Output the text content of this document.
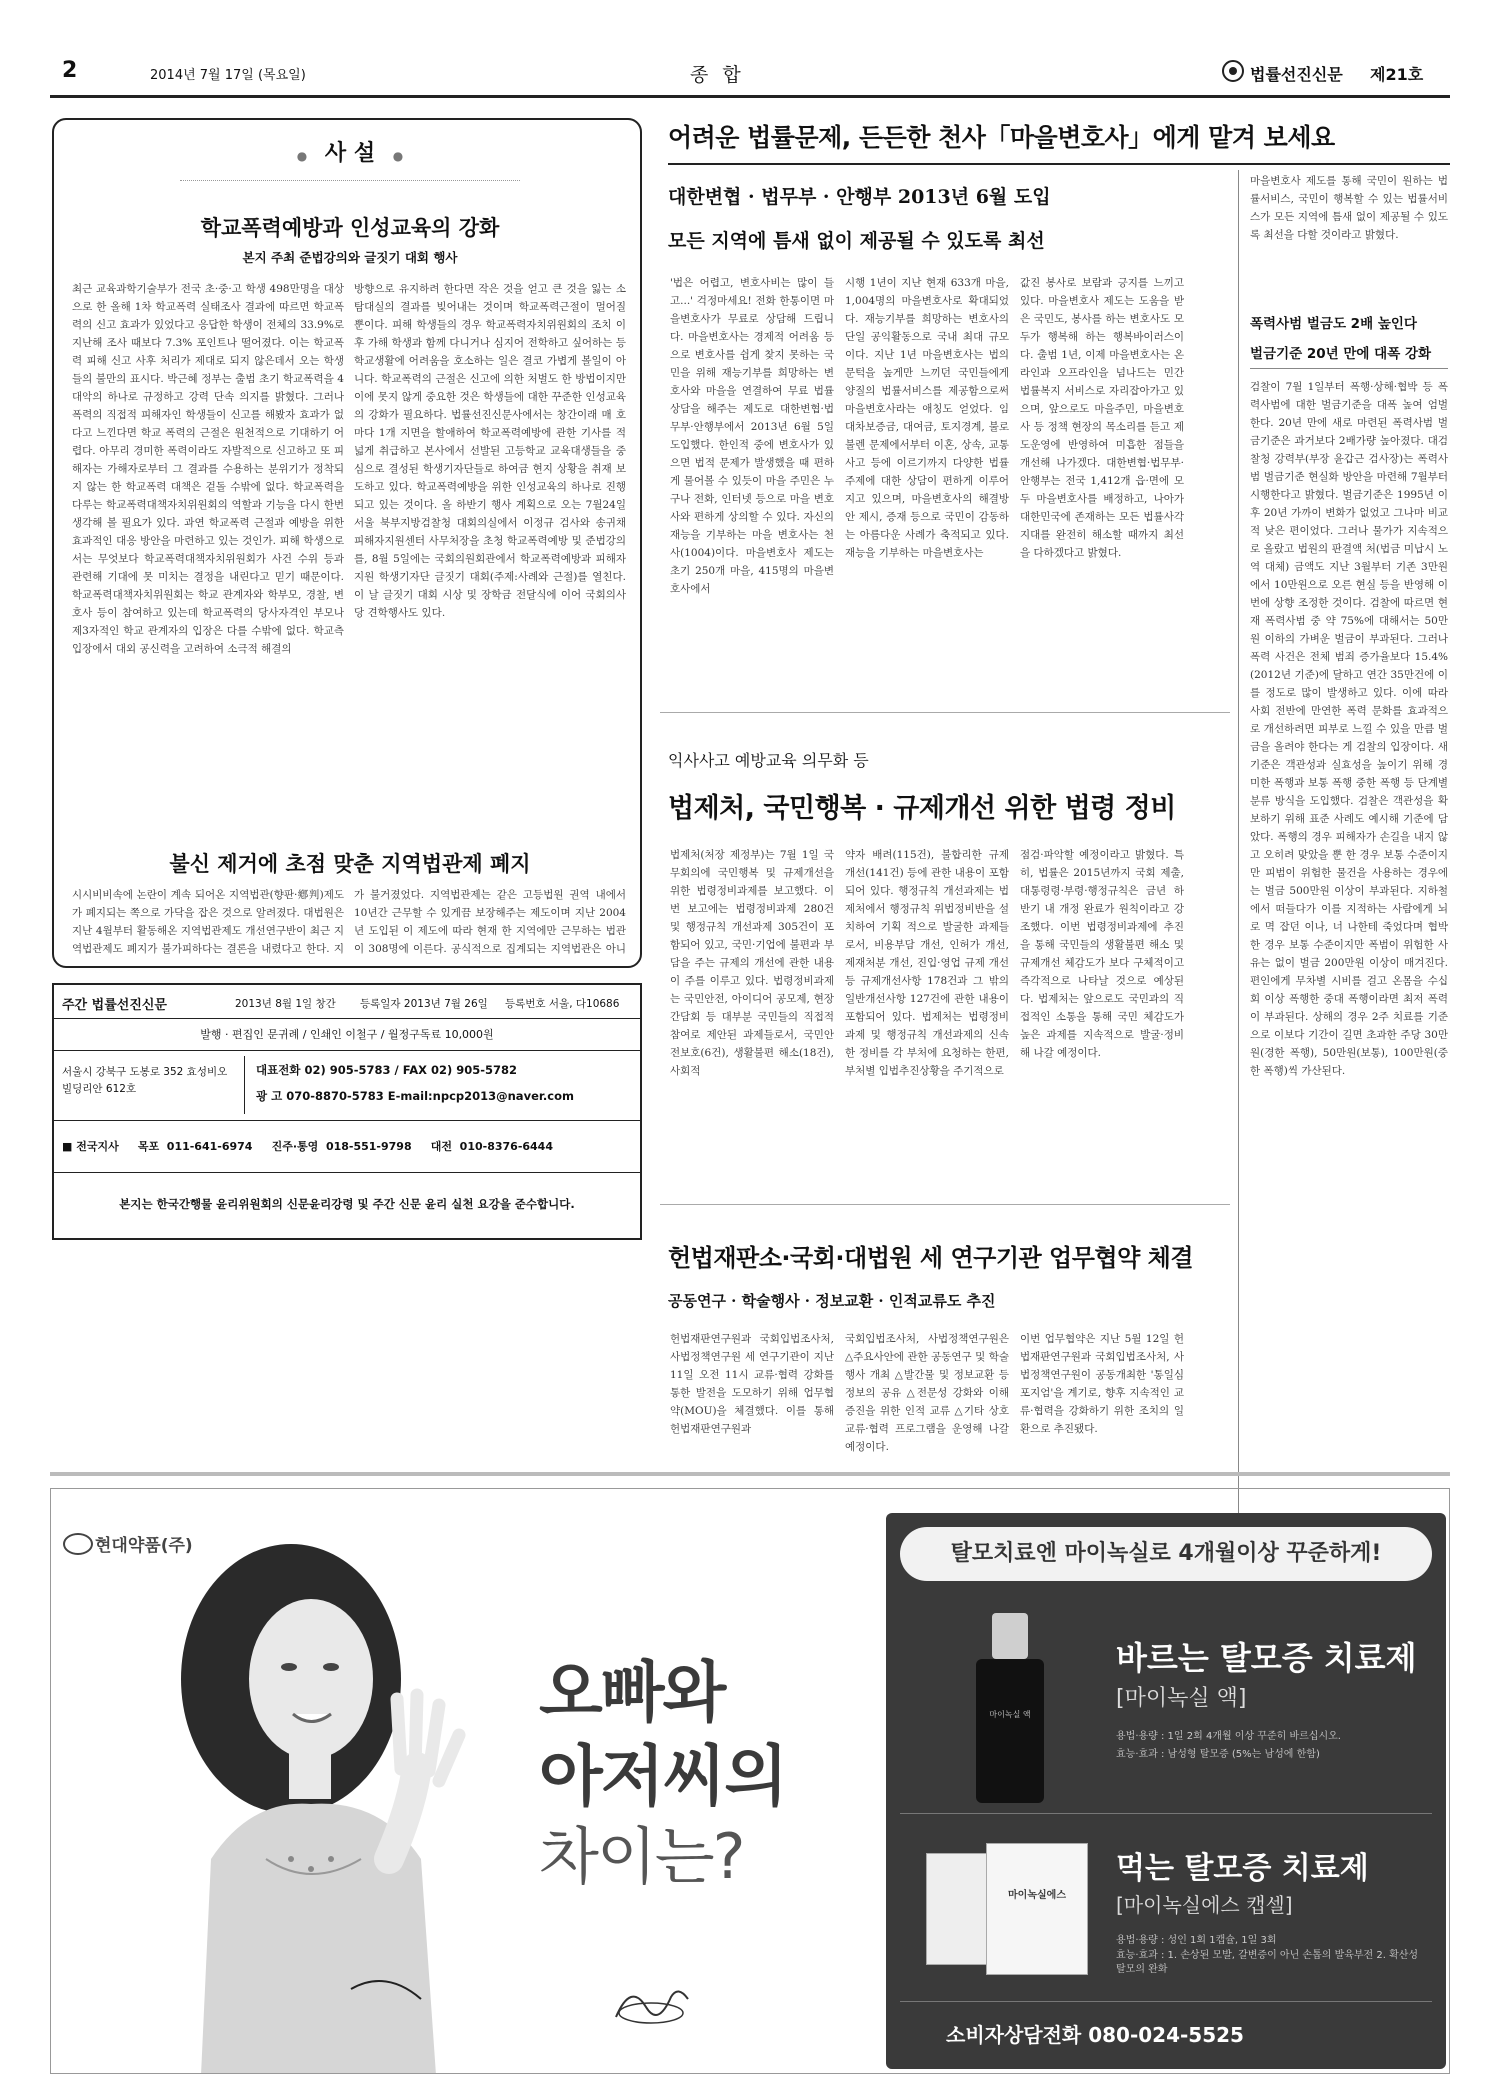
2	2014년 7월 17일 (목요일)	종 합	법률선진신문 제21호
● 사 설 ●
학교폭력예방과 인성교육의 강화
본지 주최 준법강의와 글짓기 대회 행사
최근 교육과학기술부가 전국 초·중·고 학생 498만명을 대상으로 한 올해 1차 학교폭력 실태조사 결과에 따르면 학교폭력의 신고 효과가 있었다고 응답한 학생이 전체의 33.9%로 지난해 조사 때보다 7.3% 포인트나 떨어졌다. 이는 학교폭력 피해 신고 사후 처리가 제대로 되지 않은데서 오는 학생들의 불만의 표시다. 박근혜 정부는 출범 초기 학교폭력을 4대악의 하나로 규정하고 강력 단속 의지를 밝혔다. 그러나 폭력의 직접적 피해자인 학생들이 신고를 해봤자 효과가 없다고 느낀다면 학교 폭력의 근절은 원천적으로 기대하기 어렵다. 아무리 경미한 폭력이라도 자발적으로 신고하고 또 피해자는 가해자로부터 그 결과를 수용하는 분위기가 정착되지 않는 한 학교폭력 대책은 겉돌 수밖에 없다. 학교폭력을 다루는 학교폭력대책자치위원회의 역할과 기능을 다시 한번 생각해 볼 필요가 있다. 과연 학교폭력 근절과 예방을 위한 효과적인 대응 방안을 마련하고 있는 것인가. 피해 학생으로서는 무엇보다 학교폭력대책자치위원회가 사건 수위 등과 관련해 기대에 못 미치는 결정을 내린다고 믿기 때문이다. 학교폭력대책자치위원회는 학교 관계자와 학부모, 경찰, 변호사 등이 참여하고 있는데 학교폭력의 당사자격인 부모나 제3자적인 학교 관계자의 입장은 다를 수밖에 없다. 학교측 입장에서 대외 공신력을 고려하여 소극적 해결의
방향으로 유지하려 한다면 작은 것을 얻고 큰 것을 잃는 소탐대실의 결과를 빚어내는 것이며 학교폭력근절이 멀어질 뿐이다. 피해 학생들의 경우 학교폭력자치위원회의 조치 이후 가해 학생과 함께 다니거나 심지어 전학하고 싶어하는 등 학교생활에 어려움을 호소하는 일은 결코 가볍게 볼일이 아니다. 학교폭력의 근절은 신고에 의한 처벌도 한 방법이지만 이에 못지 않게 중요한 것은 학생들에 대한 꾸준한 인성교육의 강화가 필요하다. 법률선진신문사에서는 창간이래 매 호마다 1개 지면을 할애하여 학교폭력예방에 관한 기사를 적 넓게 취급하고 본사에서 선발된 고등학교 교육대생들을 중심으로 결성된 학생기자단들로 하여금 현지 상황을 취재 보도하고 있다. 학교폭력예방을 위한 인성교육의 하나로 진행되고 있는 것이다. 올 하반기 행사 계획으로 오는 7월24일 서울 북부지방검찰청 대회의실에서 이정규 검사와 송귀채 피해자지원센터 사무처장을 초청 학교폭력예방 및 준법강의를, 8월 5일에는 국회의원회관에서 학교폭력예방과 피해자지원 학생기자단 글짓기 대회(주제:사례와 근절)를 열친다. 이 날 글짓기 대회 시상 및 장학금 전달식에 이어 국회의사당 견학행사도 있다.
불신 제거에 초점 맞춘 지역법관제 폐지
시시비비속에 논란이 계속 되어온 지역법관(향판·鄕判)제도가 폐지되는 쪽으로 가닥을 잡은 것으로 알려졌다. 대법원은 지난 4월부터 활동해온 지역법관제도 개선연구반이 최근 지역법관제도 폐지가 불가피하다는 결론을 내렸다고 한다. 지
가 불거졌었다. 지역법관제는 같은 고등법원 권역 내에서 10년간 근무할 수 있게끔 보장해주는 제도이며 지난 2004년 도입된 이 제도에 따라 현재 한 지역에만 근무하는 법관이 308명에 이른다. 공식적으로 집계되는 지역법관은 아니
주간 법률선진신문	2013년 8월 1일 창간 등록일자 2013년 7월 26일 등록번호 서울, 다10686
발행 · 편집인 문귀례 / 인쇄인 이철구 / 월정구독료 10,000원
서울시 강북구 도봉로 352 효성비오빌딩리안 612호
대표전화 02) 905-5783 / FAX 02) 905-5782
광 고 070-8870-5783 E-mail:npcp2013@naver.com
■ 전국지사     목포  011-641-6974     진주·통영  018-551-9798     대전  010-8376-6444
본지는 한국간행물 윤리위원회의 신문윤리강령 및 주간 신문 윤리 실천 요강을 준수합니다.
어려운 법률문제, 든든한 천사「마을변호사」에게 맡겨 보세요
대한변협 · 법무부 · 안행부 2013년 6월 도입
모든 지역에 틈새 없이 제공될 수 있도록 최선
'법은 어렵고, 변호사비는 많이 들고...' 걱정마세요! 전화 한통이면 마을변호사가 무료로 상담해 드립니다. 마을변호사는 경제적 어려움 등으로 변호사를 쉽게 찾지 못하는 국민을 위해 재능기부를 희망하는 변호사와 마을을 연결하여 무료 법률상담을 해주는 제도로 대한변협·법무부·안행부에서 2013년 6월 5일 도입했다. 한인적 중에 변호사가 있으면 법적 문제가 발생했을 때 편하게 물어볼 수 있듯이 마을 주민은 누구나 전화, 인터넷 등으로 마을 변호사와 편하게 상의할 수 있다. 자신의 재능을 기부하는 마을 변호사는 천사(1004)이다. 마을변호사 제도는 초기 250개 마을, 415명의 마을변호사에서
시행 1년이 지난 현재 633개 마을, 1,004명의 마을변호사로 확대되었다. 재능기부를 희망하는 변호사의 단일 공익활동으로 국내 최대 규모이다. 지난 1년 마을변호사는 법의 문턱을 높게만 느끼던 국민들에게 양질의 법률서비스를 제공함으로써 마을변호사라는 애칭도 얻었다. 임대차보증금, 대여금, 토지경계, 불로불렌 문제에서부터 이혼, 상속, 교통사고 등에 이르기까지 다양한 법률주제에 대한 상담이 편하게 이루어지고 있으며, 마을변호사의 해결방안 제시, 증재 등으로 국민이 감동하는 아름다운 사례가 축적되고 있다. 재능을 기부하는 마을변호사는
값진 봉사로 보람과 긍지를 느끼고 있다. 마을변호사 제도는 도움을 받은 국민도, 봉사를 하는 변호사도 모두가 행복해 하는 행복바이러스이다. 출범 1년, 이제 마을변호사는 온라인과 오프라인을 넘나드는 민간 법률복지 서비스로 자리잡아가고 있으며, 앞으로도 마을주민, 마을변호사 등 정책 현장의 목소리를 듣고 제도운영에 반영하여 미흡한 점들을 개선해 나가겠다. 대한변협·법무부·안행부는 전국 1,412개 읍·면에 모두 마을변호사를 배정하고, 나아가 대한민국에 존재하는 모든 법률사각지대를 완전히 해소할 때까지 최선을 다하겠다고 밝혔다.
마을변호사 제도를 통해 국민이 원하는 법률서비스, 국민이 행복할 수 있는 법률서비스가 모든 지역에 틈새 없이 제공될 수 있도록 최선을 다할 것이라고 밝혔다.
폭력사범 벌금도 2배 높인다
벌금기준 20년 만에 대폭 강화
검찰이 7월 1일부터 폭행·상해·협박 등 폭력사범에 대한 벌금기준을 대폭 높여 엄벌한다. 20년 만에 새로 마련된 폭력사범 벌금기준은 과거보다 2배가량 높아졌다. 대검찰청 강력부(부장 윤갑근 검사장)는 폭력사범 벌금기준 현실화 방안을 마련해 7월부터 시행한다고 밝혔다. 벌금기준은 1995년 이후 20년 가까이 변화가 없었고 그나마 비교적 낮은 편이었다. 그러나 물가가 지속적으로 올랐고 법원의 판결액 처(법금 미납시 노역 대체) 금액도 지난 3월부터 기존 3만원에서 10만원으로 오른 현실 등을 반영해 이번에 상향 조정한 것이다. 검찰에 따르면 현재 폭력사범 중 약 75%에 대해서는 50만원 이하의 가벼운 벌금이 부과된다. 그러나 폭력 사건은 전체 범죄 증가율보다 15.4%(2012년 기준)에 달하고 연간 35만건에 이를 정도로 많이 발생하고 있다. 이에 따라 사회 전반에 만연한 폭력 문화를 효과적으로 개선하려면 피부로 느낄 수 있을 만큼 벌금을 올려야 한다는 게 검찰의 입장이다. 새 기준은 객관성과 실효성을 높이기 위해 경미한 폭행과 보통 폭행 중한 폭행 등 단계별 분류 방식을 도입했다. 검찰은 객관성을 확보하기 위해 표준 사례도 예시해 기준에 담았다. 폭행의 경우 피해자가 손길을 내지 않고 오히려 맞았을 뿐 한 경우 보통 수준이지만 피범이 위험한 물건을 사용하는 경우에는 벌금 500만원 이상이 부과된다. 지하철에서 떠들다가 이를 지적하는 사람에게 뇌로 멱 잡던 이나, 너 나한테 죽었다며 협박한 경우 보통 수준이지만 폭범이 위험한 사유는 없이 벌금 200만원 이상이 매겨진다. 편인에게 무차별 시비를 걸고 온몸을 수십 회 이상 폭행한 중대 폭행이라면 최저 폭력이 부과된다. 상해의 경우 2주 치료를 기준으로 이보다 기간이 길면 초과한 주당 30만원(경한 폭행), 50만원(보통), 100만원(중한 폭행)씩 가산된다.
익사사고 예방교육 의무화 등
법제처, 국민행복 · 규제개선 위한 법령 정비
법제처(처장 제정부)는 7월 1일 국무회의에 국민행복 및 규제개선을 위한 법령정비과제를 보고했다. 이번 보고에는 법령정비과제 280건 및 행정규칙 개선과제 305건이 포함되어 있고, 국민·기업에 불편과 부담을 주는 규제의 개선에 관한 내용이 주를 이루고 있다. 법령정비과제는 국민안전, 아이디어 공모제, 현장간담회 등 대부분 국민들의 직접적 참여로 제안된 과제들로서, 국민안전보호(6건), 생활불편 해소(18건), 사회적
약자 배려(115건), 불합리한 규제 개선(141건) 등에 관한 내용이 포함되어 있다. 행정규칙 개선과제는 법제처에서 행정규칙 위법정비반을 설치하여 기획 적으로 발굴한 과제들로서, 비용부담 개선, 인허가 개선, 제재처분 개선, 진입·영업 규제 개선 등 규제개선사항 178건과 그 밖의 일반개선사항 127건에 관한 내용이 포함되어 있다. 법제처는 법령정비과제 및 행정규칙 개선과제의 신속한 정비를 각 부처에 요청하는 한편, 부처별 입법추진상황을 주기적으로
점검·파악할 예정이라고 밝혔다. 특히, 법률은 2015년까지 국회 제출, 대통령령·부령·행정규칙은 금년 하반기 내 개정 완료가 원칙이라고 강조했다. 이번 법령정비과제에 추진을 통해 국민들의 생활불편 해소 및 규제개선 체감도가 보다 구체적이고 즉각적으로 나타날 것으로 예상된다. 법제처는 앞으로도 국민과의 직접적인 소통을 통해 국민 체감도가 높은 과제를 지속적으로 발굴·정비해 나갈 예정이다.
헌법재판소·국회·대법원 세 연구기관 업무협약 체결
공동연구 · 학술행사 · 정보교환 · 인적교류도 추진
헌법재판연구원과 국회입법조사처, 사법정책연구원 세 연구기관이 지난 11일 오전 11시 교류·협력 강화를 통한 발전을 도모하기 위해 업무협약(MOU)을 체결했다. 이를 통해 헌법재판연구원과
국회입법조사처, 사법정책연구원은 △주요사안에 관한 공동연구 및 학술행사 개최 △발간물 및 정보교환 등 정보의 공유 △전문성 강화와 이해 증진을 위한 인적 교류 △기타 상호 교류·협력 프로그램을 운영해 나갈 예정이다.
이번 업무협약은 지난 5월 12일 헌법재판연구원과 국회입법조사처, 사법정책연구원이 공동개최한 '통일심포지엄'을 계기로, 향후 지속적인 교류·협력을 강화하기 위한 조치의 일환으로 추진됐다.
현대약품(주)
오빠와
아저씨의
차이는?
탈모치료엔 마이녹실로 4개월이상 꾸준하게!
마이녹실 액
바르는 탈모증 치료제
[마이녹실 액]
용법·용량 : 1일 2회 4개월 이상 꾸준히 바르십시오.
효능·효과 : 남성형 탈모증 (5%는 남성에 한함)
마이녹실에스
먹는 탈모증 치료제
[마이녹실에스 캡셀]
용법·용량 : 성인 1회 1캡슐, 1일 3회
효능·효과 : 1. 손상된 모발, 갈변증이 아닌 손톱의 발육부전 2. 확산성 탈모의 완화
소비자상담전화 080-024-5525
